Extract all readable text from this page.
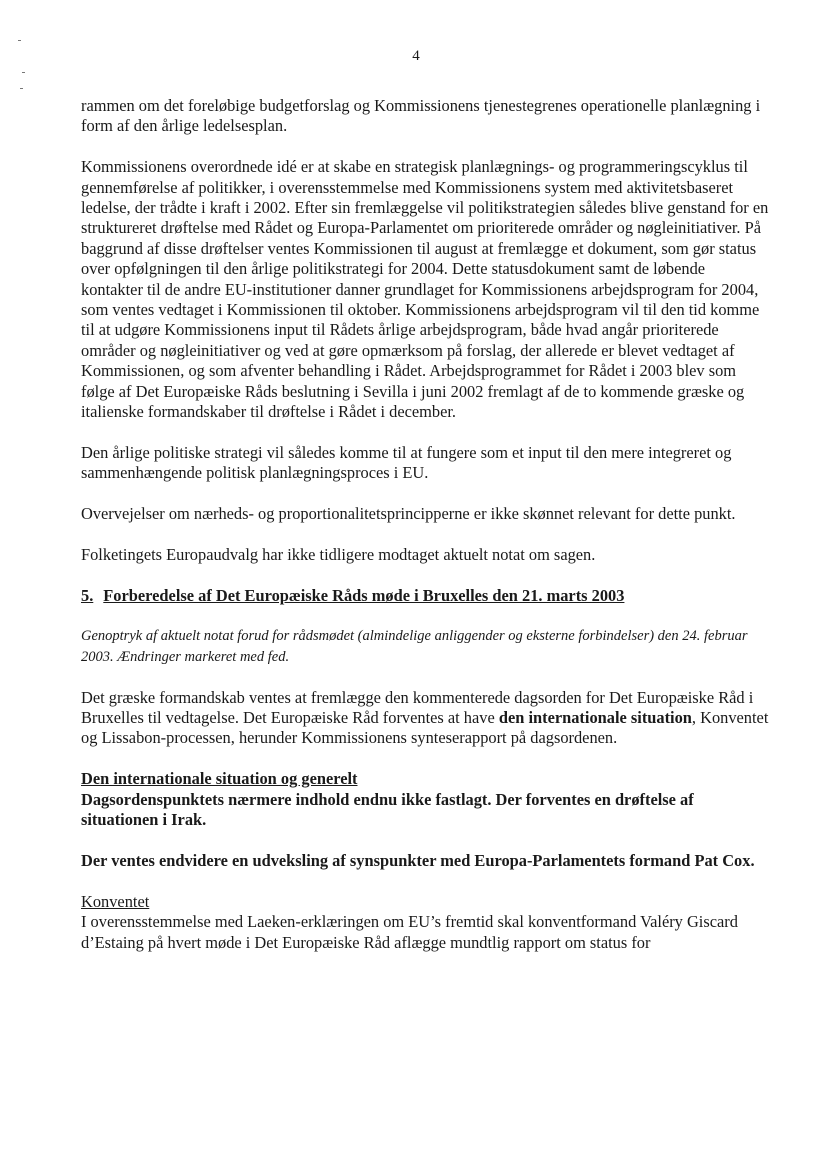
4

rammen om det foreløbige budgetforslag og Kommissionens tjenestegrenes operationelle planlægning i form af den årlige ledelsesplan.

Kommissionens overordnede idé er at skabe en strategisk planlægnings- og programmeringscyklus til gennemførelse af politikker, i overensstemmelse med Kommissionens system med aktivitetsbaseret ledelse, der trådte i kraft i 2002. Efter sin fremlæggelse vil politikstrategien således blive genstand for en struktureret drøftelse med Rådet og Europa-Parlamentet om prioriterede områder og nøgleinitiativer. På baggrund af disse drøftelser ventes Kommissionen til august at fremlægge et dokument, som gør status over opfølgningen til den årlige politikstrategi for 2004. Dette statusdokument samt de løbende kontakter til de andre EU-institutioner danner grundlaget for Kommissionens arbejdsprogram for 2004, som ventes vedtaget i Kommissionen til oktober. Kommissionens arbejdsprogram vil til den tid komme til at udgøre Kommissionens input til Rådets årlige arbejdsprogram, både hvad angår prioriterede områder og nøgleinitiativer og ved at gøre opmærksom på forslag, der allerede er blevet vedtaget af Kommissionen, og som afventer behandling i Rådet. Arbejdsprogrammet for Rådet i 2003 blev som følge af Det Europæiske Råds beslutning i Sevilla i juni 2002 fremlagt af de to kommende græske og italienske formandskaber til drøftelse i Rådet i december.

Den årlige politiske strategi vil således komme til at fungere som et input til den mere integreret og sammenhængende politisk planlægningsproces i EU.

Overvejelser om nærheds- og proportionalitetsprincipperne er ikke skønnet relevant for dette punkt.

Folketingets Europaudvalg har ikke tidligere modtaget aktuelt notat om sagen.

5. Forberedelse af Det Europæiske Råds møde i Bruxelles den 21. marts 2003

Genoptryk af aktuelt notat forud for rådsmødet (almindelige anliggender og eksterne forbindelser) den 24. februar 2003. Ændringer markeret med fed.

Det græske formandskab ventes at fremlægge den kommenterede dagsorden for Det Europæiske Råd i Bruxelles til vedtagelse. Det Europæiske Råd forventes at have den internationale situation, Konventet og Lissabon-processen, herunder Kommissionens synteserapport på dagsordenen.

Den internationale situation og generelt

Dagsordenspunktets nærmere indhold endnu ikke fastlagt. Der forventes en drøftelse af situationen i Irak.

Der ventes endvidere en udveksling af synspunkter med Europa-Parlamentets formand Pat Cox.

Konventet

I overensstemmelse med Laeken-erklæringen om EU’s fremtid skal konventformand Valéry Giscard d’Estaing på hvert møde i Det Europæiske Råd aflægge mundtlig rapport om status for
